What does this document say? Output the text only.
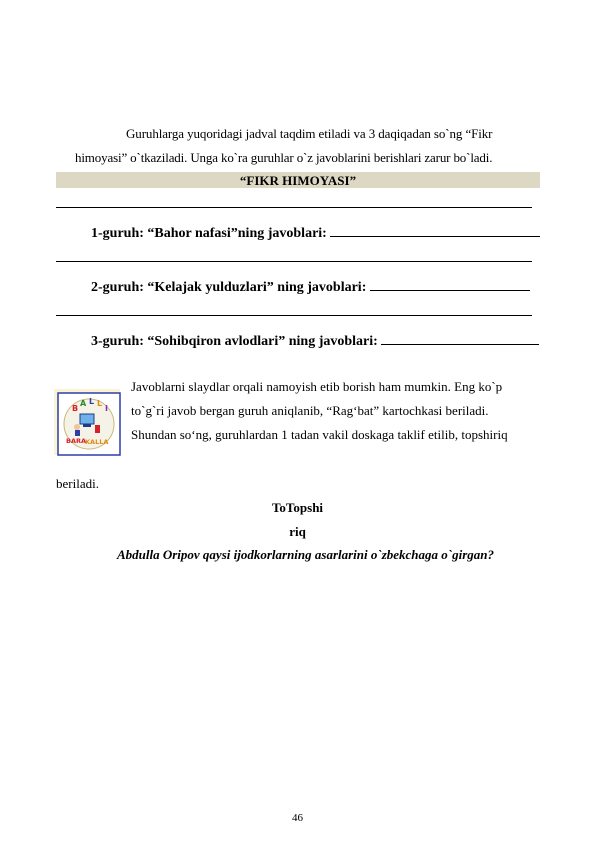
Guruhlarga yuqoridagi jadval taqdim etiladi va 3 daqiqadan so`ng “Fikr
himoyasi” o`tkaziladi. Unga ko`ra guruhlar o`z javoblarini berishlari zarur bo`ladi.
“FIKR HIMOYASI”
1-guruh: “Bahor nafasi”ning javoblari:
2-guruh: “Kelajak yulduzlari” ning javoblari:
3-guruh: “Sohibqiron avlodlari” ning javoblari:
B
A L L
I
BARA
KALLA
Javoblarni slaydlar orqali namoyish etib borish ham mumkin. Eng ko`p
to`g`ri javob bergan guruh aniqlanib, “Rag‘bat” kartochkasi beriladi.
Shundan so‘ng, guruhlardan 1 tadan vakil doskaga taklif etilib, topshiriq
beriladi.
ToTopshi
riq
Abdulla Oripov qaysi ijodkorlarning asarlarini o`zbekchaga o`girgan?
46
